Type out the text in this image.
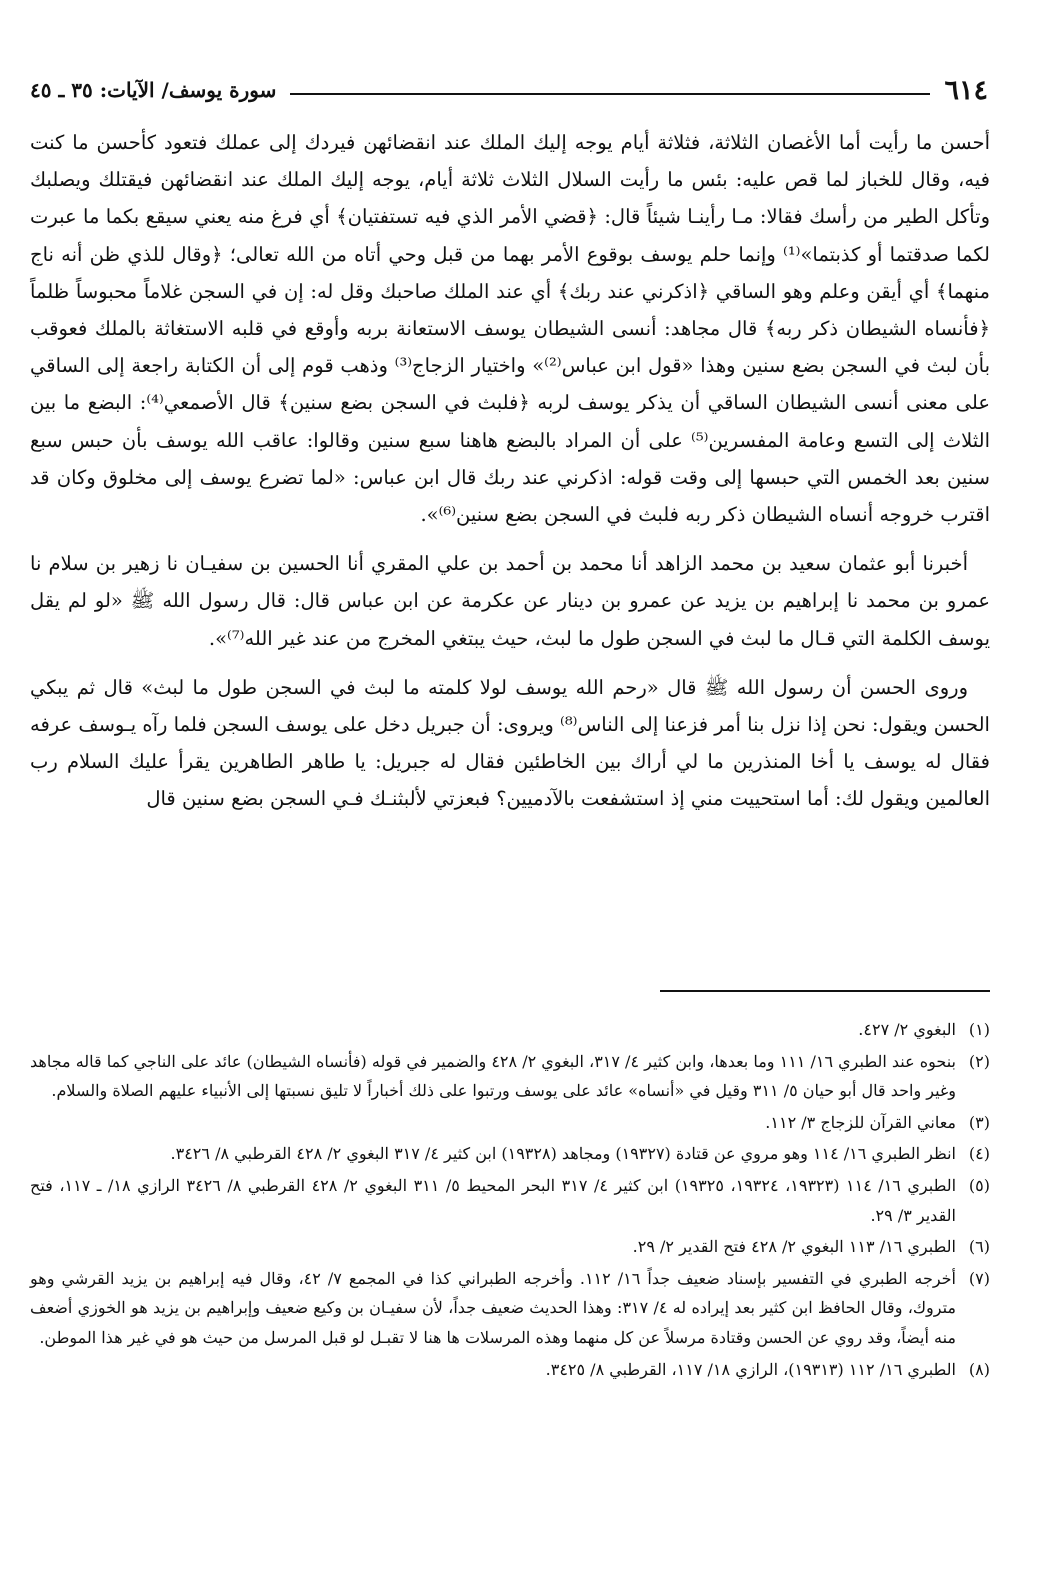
٦١٤
سورة يوسف/ الآيات: ٣٥ ـ ٤٥

أحسن ما رأيت أما الأغصان الثلاثة، فثلاثة أيام يوجه إليك الملك عند انقضائهن فيردك إلى عملك فتعود كأحسن ما كنت فيه، وقال للخباز لما قص عليه: بئس ما رأيت السلال الثلاث ثلاثة أيام، يوجه إليك الملك عند انقضائهن فيقتلك ويصلبك وتأكل الطير من رأسك فقالا: مـا رأينـا شيئاً قال: ﴿قضي الأمر الذي فيه تستفتيان﴾ أي فرغ منه يعني سيقع بكما ما عبرت لكما صدقتما أو كذبتما»⁽¹⁾ وإنما حلم يوسف بوقوع الأمر بهما من قبل وحي أتاه من الله تعالى؛ ﴿وقال للذي ظن أنه ناج منهما﴾ أي أيقن وعلم وهو الساقي ﴿اذكرني عند ربك﴾ أي عند الملك صاحبك وقل له: إن في السجن غلاماً محبوساً ظلماً ﴿فأنساه الشيطان ذكر ربه﴾ قال مجاهد: أنسى الشيطان يوسف الاستعانة بربه وأوقع في قلبه الاستغاثة بالملك فعوقب بأن لبث في السجن بضع سنين وهذا «قول ابن عباس⁽²⁾» واختيار الزجاج⁽³⁾ وذهب قوم إلى أن الكتابة راجعة إلى الساقي على معنى أنسى الشيطان الساقي أن يذكر يوسف لربه ﴿فلبث في السجن بضع سنين﴾ قال الأصمعي⁽⁴⁾: البضع ما بين الثلاث إلى التسع وعامة المفسرين⁽⁵⁾ على أن المراد بالبضع هاهنا سبع سنين وقالوا: عاقب الله يوسف بأن حبس سبع سنين بعد الخمس التي حبسها إلى وقت قوله: اذكرني عند ربك قال ابن عباس: «لما تضرع يوسف إلى مخلوق وكان قد اقترب خروجه أنساه الشيطان ذكر ربه فلبث في السجن بضع سنين⁽⁶⁾».

أخبرنا أبو عثمان سعيد بن محمد الزاهد أنا محمد بن أحمد بن علي المقري أنا الحسين بن سفيـان نا زهير بن سلام نا عمرو بن محمد نا إبراهيم بن يزيد عن عمرو بن دينار عن عكرمة عن ابن عباس قال: قال رسول الله ﷺ «لو لم يقل يوسف الكلمة التي قـال ما لبث في السجن طول ما لبث، حيث يبتغي المخرج من عند غير الله⁽⁷⁾».

وروى الحسن أن رسول الله ﷺ قال «رحم الله يوسف لولا كلمته ما لبث في السجن طول ما لبث» قال ثم يبكي الحسن ويقول: نحن إذا نزل بنا أمر فزعنا إلى الناس⁽⁸⁾ ويروى: أن جبريل دخل على يوسف السجن فلما رآه يـوسف عرفه فقال له يوسف يا أخا المنذرين ما لي أراك بين الخاطئين فقال له جبريل: يا طاهر الطاهرين يقرأ عليك السلام رب العالمين ويقول لك: أما استحييت مني إذ استشفعت بالآدميين؟ فبعزتي لألبثنـك فـي السجن بضع سنين قال

(١)
البغوي ٢/ ٤٢٧.
(٢)
بنحوه عند الطبري ١٦/ ١١١ وما بعدها، وابن كثير ٤/ ٣١٧، البغوي ٢/ ٤٢٨ والضمير في قوله (فأنساه الشيطان) عائد على الناجي كما قاله مجاهد وغير واحد قال أبو حيان ٥/ ٣١١ وقيل في «أنساه» عائد على يوسف ورتبوا على ذلك أخباراً لا تليق نسبتها إلى الأنبياء عليهم الصلاة والسلام.
(٣)
معاني القرآن للزجاج ٣/ ١١٢.
(٤)
انظر الطبري ١٦/ ١١٤ وهو مروي عن قتادة (١٩٣٢٧) ومجاهد (١٩٣٢٨) ابن كثير ٤/ ٣١٧ البغوي ٢/ ٤٢٨ القرطبي ٨/ ٣٤٢٦.
(٥)
الطبري ١٦/ ١١٤ (١٩٣٢٣، ١٩٣٢٤، ١٩٣٢٥) ابن كثير ٤/ ٣١٧ البحر المحيط ٥/ ٣١١ البغوي ٢/ ٤٢٨ القرطبي ٨/ ٣٤٢٦ الرازي ١٨/ ـ ١١٧، فتح القدير ٣/ ٢٩.
(٦)
الطبري ١٦/ ١١٣ البغوي ٢/ ٤٢٨ فتح القدير ٢/ ٢٩.
(٧)
أخرجه الطبري في التفسير بإسناد ضعيف جداً ١٦/ ١١٢. وأخرجه الطبراني كذا في المجمع ٧/ ٤٢، وقال فيه إبراهيم بن يزيد القرشي وهو متروك، وقال الحافظ ابن كثير بعد إيراده له ٤/ ٣١٧: وهذا الحديث ضعيف جداً، لأن سفيـان بن وكيع ضعيف وإبراهيم بن يزيد هو الخوزي أضعف منه أيضاً، وقد روي عن الحسن وقتادة مرسلاً عن كل منهما وهذه المرسلات ها هنا لا تقبـل لو قبل المرسل من حيث هو في غير هذا الموطن.
(٨)
الطبري ١٦/ ١١٢ (١٩٣١٣)، الرازي ١٨/ ١١٧، القرطبي ٨/ ٣٤٢٥.
